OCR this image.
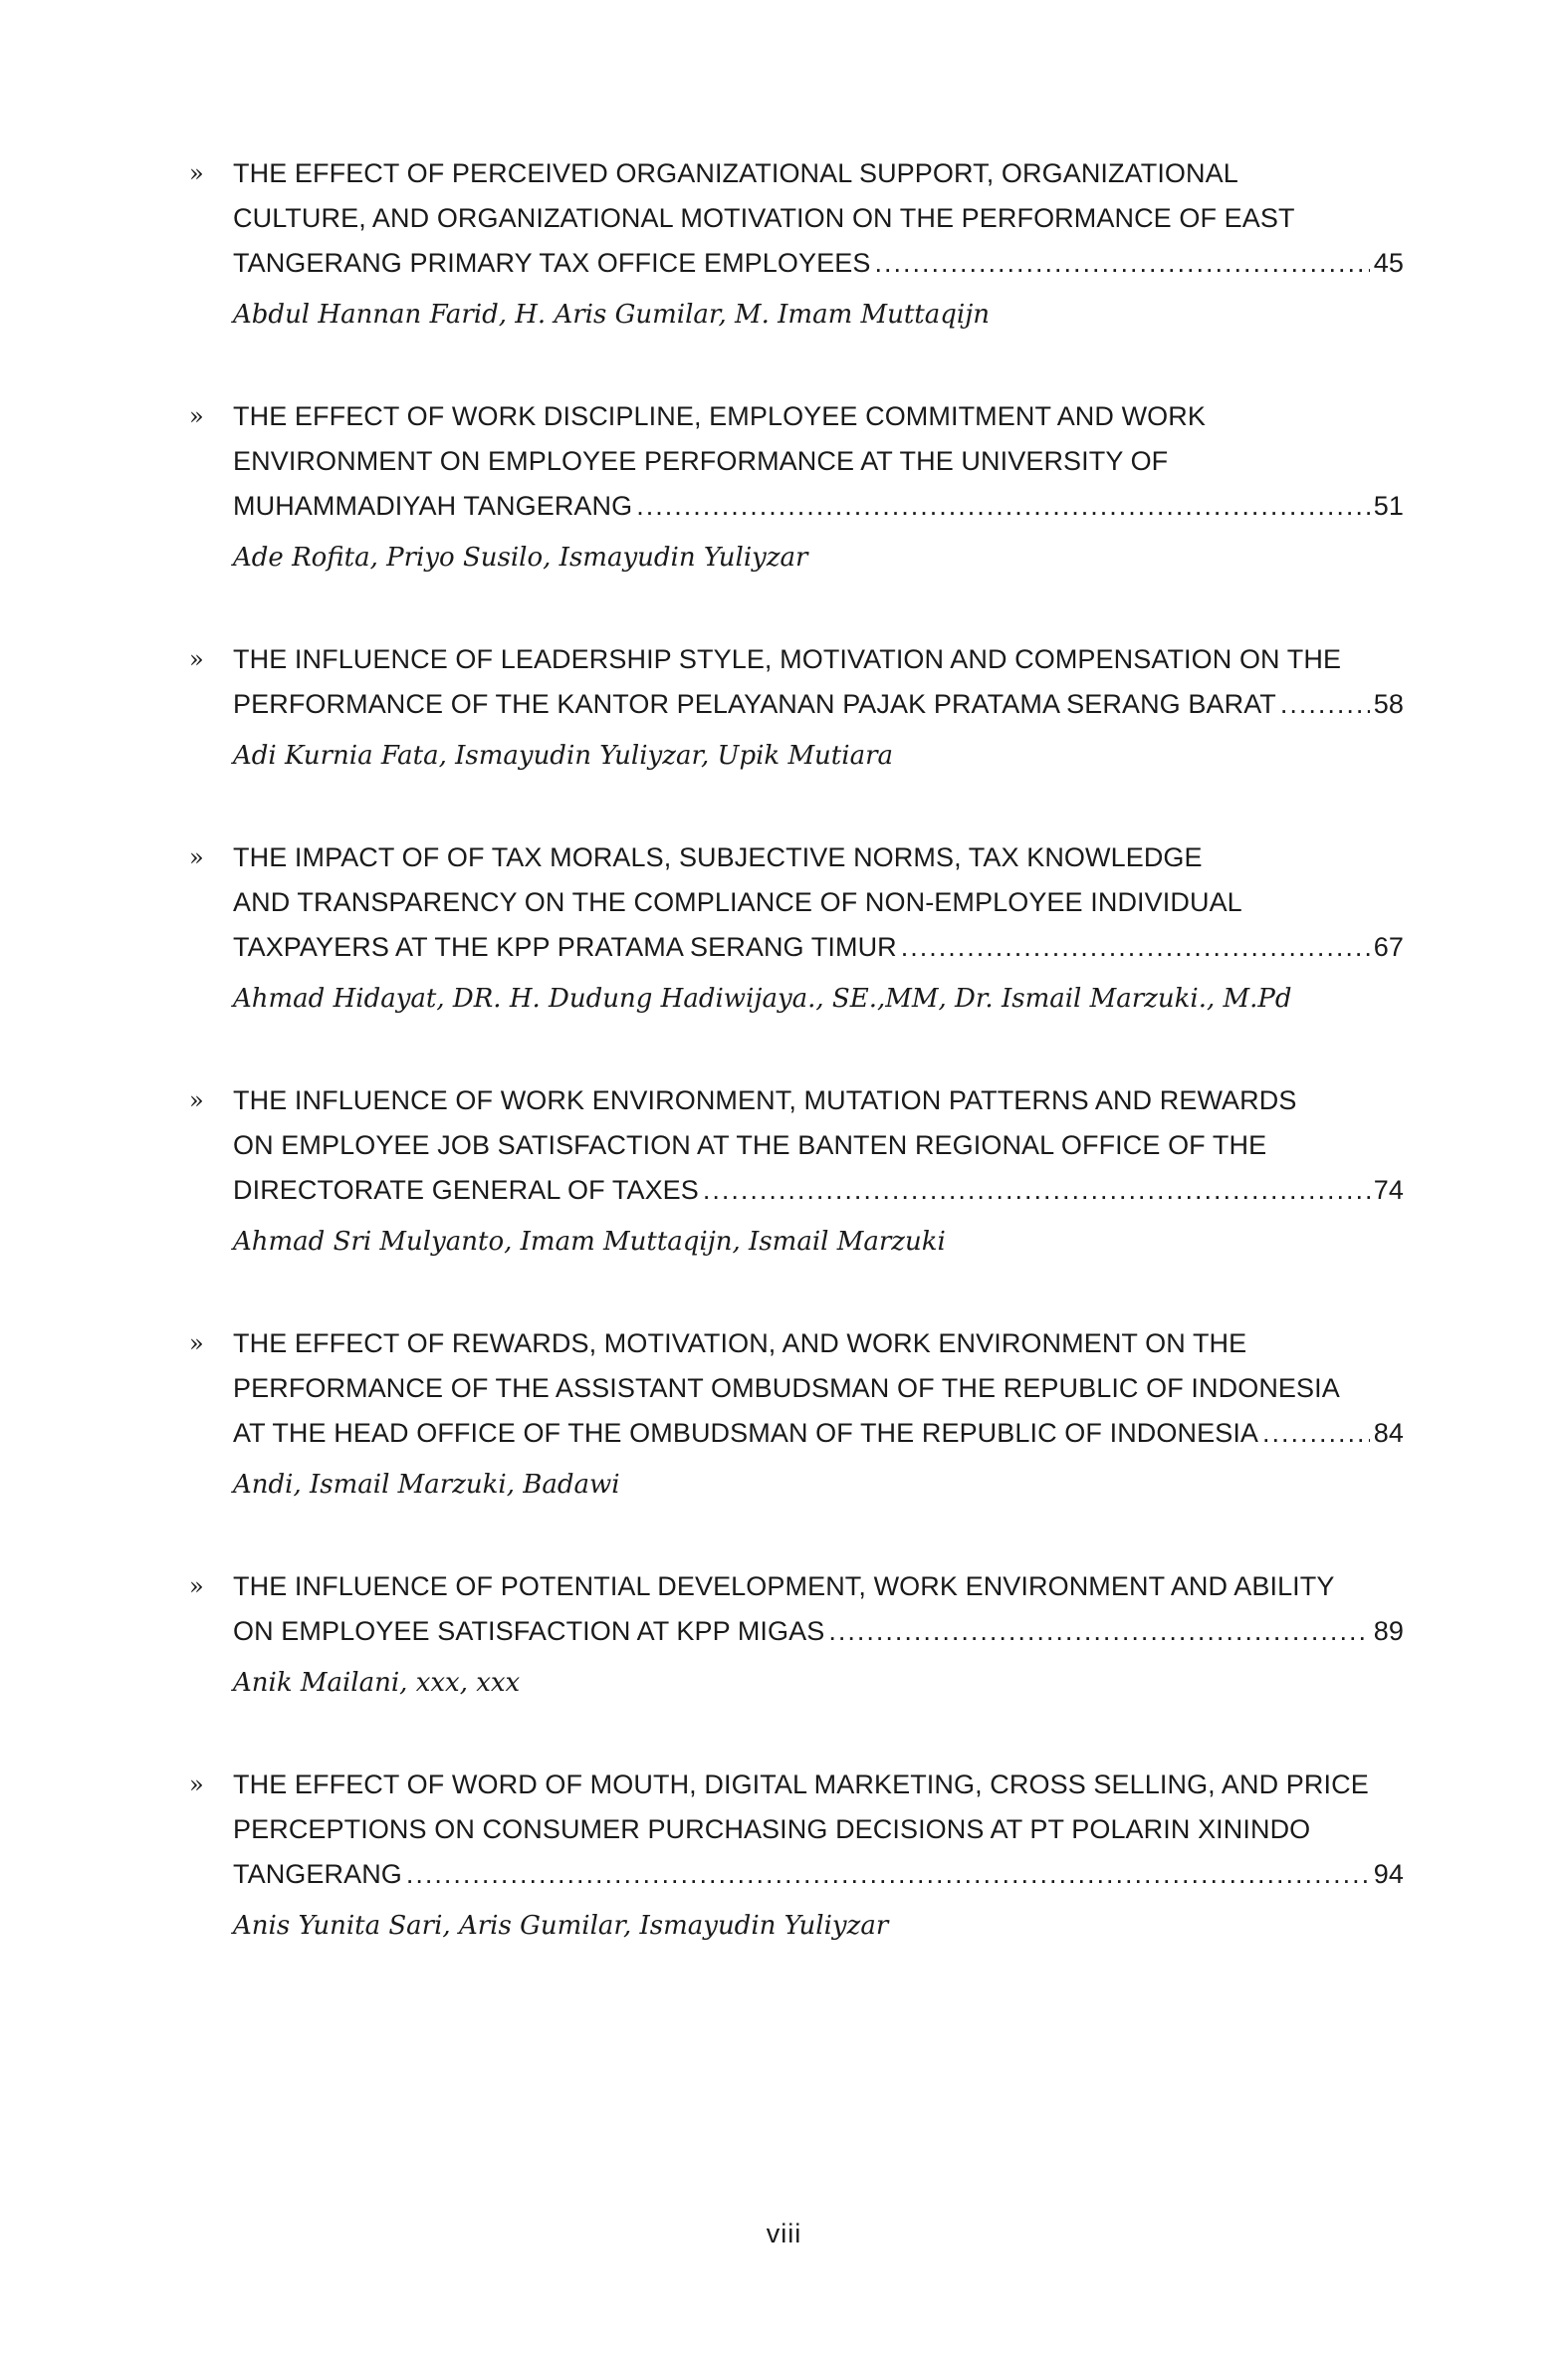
» THE EFFECT OF PERCEIVED ORGANIZATIONAL SUPPORT, ORGANIZATIONAL
CULTURE, AND ORGANIZATIONAL MOTIVATION ON THE PERFORMANCE OF EAST
TANGERANG PRIMARY TAX OFFICE EMPLOYEES .....	45
Abdul Hannan Farid, H. Aris Gumilar, M. Imam Muttaqijn
» THE EFFECT OF WORK DISCIPLINE, EMPLOYEE COMMITMENT AND WORK
ENVIRONMENT ON EMPLOYEE PERFORMANCE AT THE UNIVERSITY OF
MUHAMMADIYAH TANGERANG .....	51
Ade Rofita, Priyo Susilo, Ismayudin Yuliyzar
» THE INFLUENCE OF LEADERSHIP STYLE, MOTIVATION AND COMPENSATION ON THE
PERFORMANCE OF THE KANTOR PELAYANAN PAJAK PRATAMA SERANG BARAT .....	58
Adi Kurnia Fata, Ismayudin Yuliyzar, Upik Mutiara
» THE IMPACT OF OF TAX MORALS, SUBJECTIVE NORMS, TAX KNOWLEDGE
AND TRANSPARENCY ON THE COMPLIANCE OF NON-EMPLOYEE INDIVIDUAL
TAXPAYERS AT THE KPP PRATAMA SERANG TIMUR .....	67
Ahmad Hidayat, DR. H. Dudung Hadiwijaya., SE.,MM, Dr. Ismail Marzuki., M.Pd
» THE INFLUENCE OF WORK ENVIRONMENT, MUTATION PATTERNS AND REWARDS
ON EMPLOYEE JOB SATISFACTION AT THE BANTEN REGIONAL OFFICE OF THE
DIRECTORATE GENERAL OF TAXES .....	74
Ahmad Sri Mulyanto, Imam Muttaqijn, Ismail Marzuki
» THE EFFECT OF REWARDS, MOTIVATION, AND WORK ENVIRONMENT ON THE
PERFORMANCE OF THE ASSISTANT OMBUDSMAN OF THE REPUBLIC OF INDONESIA
AT THE HEAD OFFICE OF THE OMBUDSMAN OF THE REPUBLIC OF INDONESIA .....	84
Andi, Ismail Marzuki, Badawi
» THE INFLUENCE OF POTENTIAL DEVELOPMENT, WORK ENVIRONMENT AND ABILITY
ON EMPLOYEE SATISFACTION AT KPP MIGAS .....	89
Anik Mailani, xxx, xxx
» THE EFFECT OF WORD OF MOUTH, DIGITAL MARKETING, CROSS SELLING, AND PRICE
PERCEPTIONS ON CONSUMER PURCHASING DECISIONS AT PT POLARIN XININDO
TANGERANG .....	94
Anis Yunita Sari, Aris Gumilar, Ismayudin Yuliyzar
viii
